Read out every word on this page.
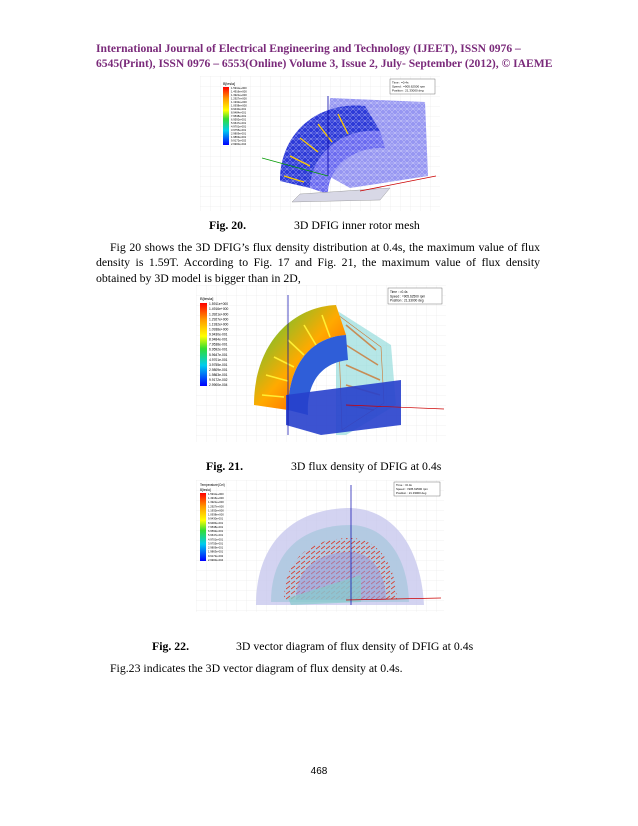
International Journal of Electrical Engineering and Technology (IJEET), ISSN 0976 –
6545(Print), ISSN 0976 – 6553(Online) Volume 3, Issue 2, July- September (2012), © IAEME
B[tesla]
1.5911e+000
1.4916e+000
1.3921e+000
1.2927e+000
1.1932e+000
1.0938e+000
9.9430e-001
8.9484e-001
7.9538e-001
6.9592e-001
5.9647e-001
4.9701e-001
3.9755e-001
2.9809e-001
1.9863e-001
9.9172e-002
2.9900e-004
Time : =0.4s
Speed : =905.62500 rpm
Position : 21.33000 deg
Fig. 20.	3D DFIG inner rotor mesh
Fig 20 shows the 3D DFIG’s flux density distribution at 0.4s, the maximum value of flux density is 1.59T. According to Fig. 17 and Fig. 21, the maximum value of flux density obtained by 3D model is bigger than in 2D,
B[tesla]
1.5911e+000
1.4916e+000
1.3921e+000
1.2927e+000
1.1932e+000
1.0938e+000
9.9430e-001
8.9484e-001
7.9538e-001
6.9592e-001
5.9647e-001
4.9701e-001
3.9755e-001
2.9809e-001
1.9863e-001
9.9172e-002
2.9900e-004
Time : =0.4s
Speed : =905.62500 rpm
Position : 21.33000 deg
Fig. 21.	3D flux density of DFIG at 0.4s
Temperature(Cel)
B[tesla]
1.5911e+000
1.4916e+000
1.3921e+000
1.2927e+000
1.1932e+000
1.0938e+000
9.9430e-001
8.9484e-001
7.9538e-001
6.9592e-001
5.9647e-001
4.9701e-001
3.9755e-001
2.9809e-001
1.9863e-001
9.9172e-002
2.9900e-004
Time : =0.4s
Speed : =905.62500 rpm
Position : 21.33000 deg
Fig. 22.	3D vector diagram of flux density of DFIG at 0.4s
Fig.23 indicates the 3D vector diagram of flux density at 0.4s.
468
